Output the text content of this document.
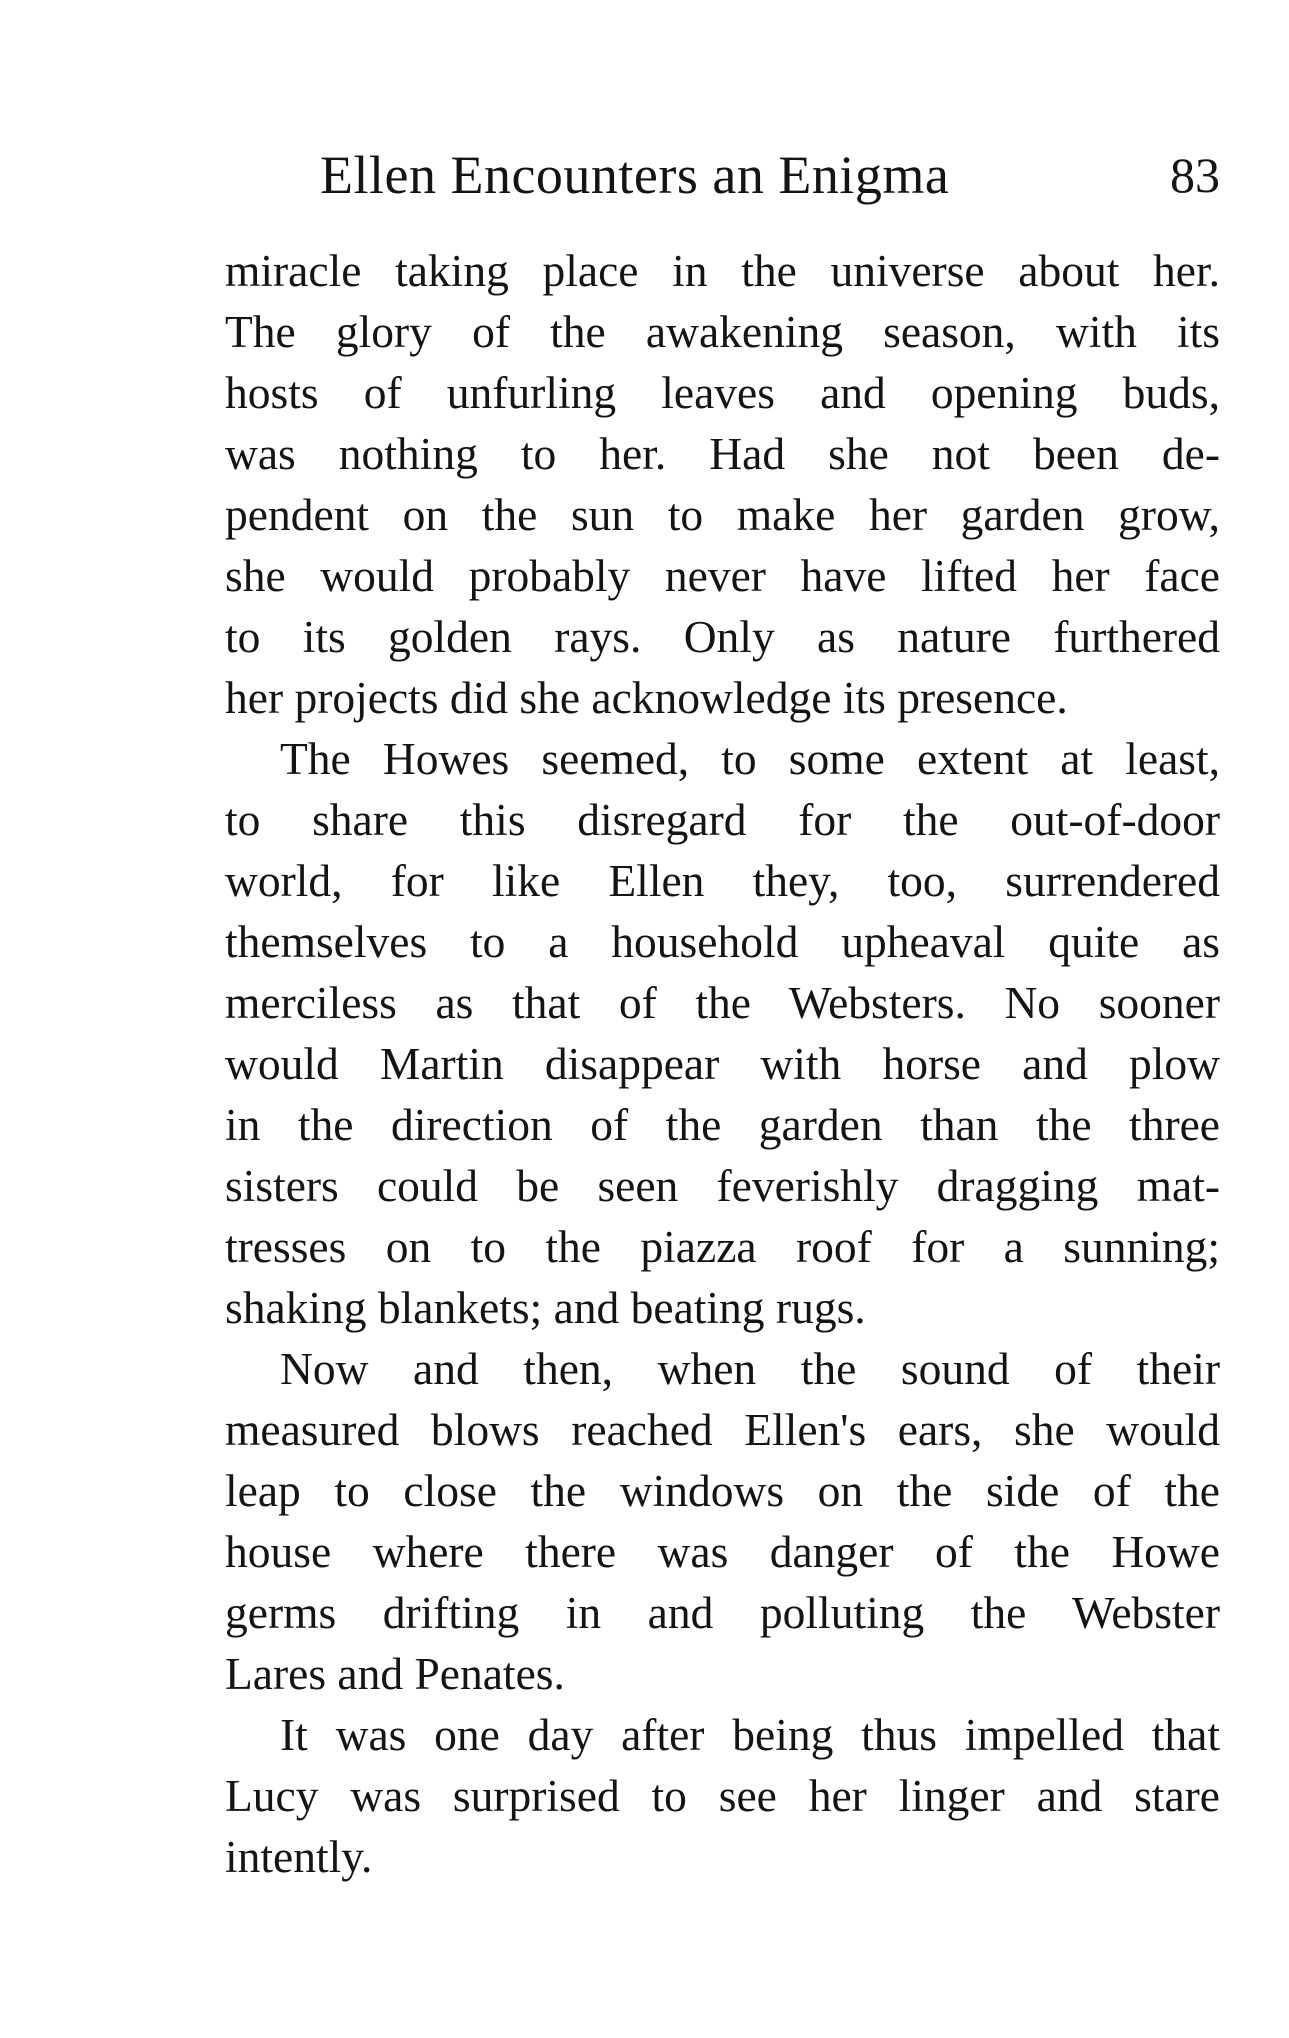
Ellen Encounters an Enigma	83

miracle taking place in the universe about her.
The glory of the awakening season, with its
hosts of unfurling leaves and opening buds,
was nothing to her. Had she not been de-
pendent on the sun to make her garden grow,
she would probably never have lifted her face
to its golden rays. Only as nature furthered
her projects did she acknowledge its presence.

The Howes seemed, to some extent at least,
to share this disregard for the out-of-door
world, for like Ellen they, too, surrendered
themselves to a household upheaval quite as
merciless as that of the Websters. No sooner
would Martin disappear with horse and plow
in the direction of the garden than the three
sisters could be seen feverishly dragging mat-
tresses on to the piazza roof for a sunning;
shaking blankets; and beating rugs.

Now and then, when the sound of their
measured blows reached Ellen's ears, she would
leap to close the windows on the side of the
house where there was danger of the Howe
germs drifting in and polluting the Webster
Lares and Penates.

It was one day after being thus impelled that
Lucy was surprised to see her linger and stare
intently.
